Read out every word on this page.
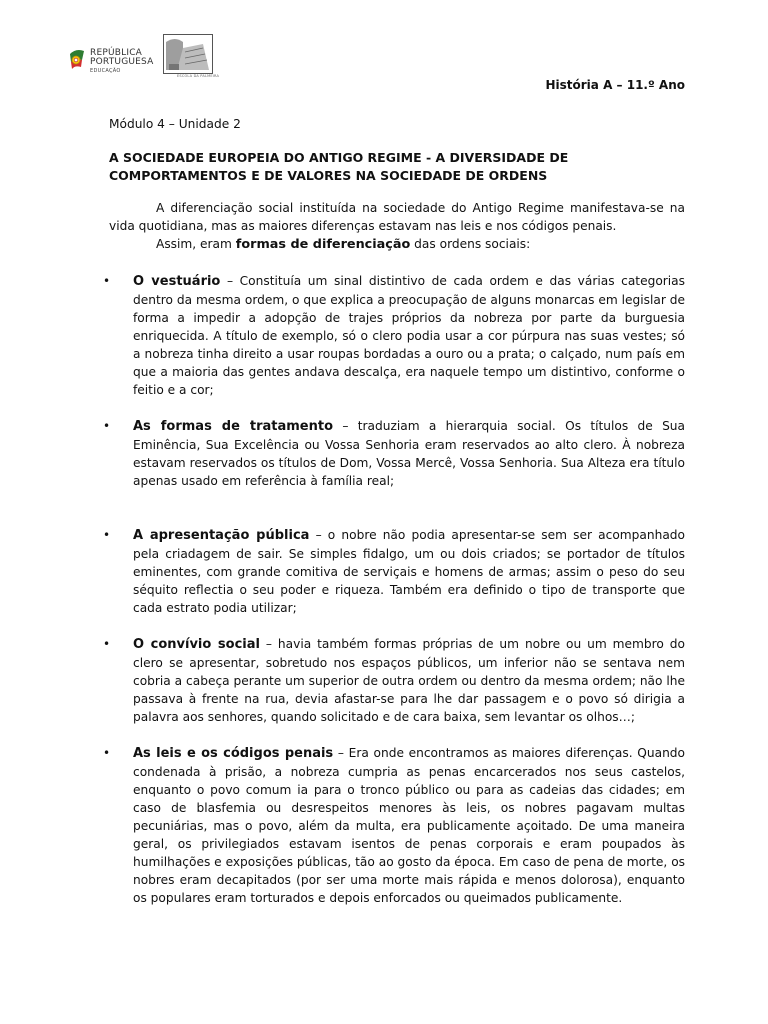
REPÚBLICA
PORTUGUESA
EDUCAÇÃO
ESCOLA DA PALMEIRA
História A – 11.º Ano

Módulo 4 – Unidade 2

A SOCIEDADE EUROPEIA DO ANTIGO REGIME - A DIVERSIDADE DE COMPORTAMENTOS E DE VALORES NA SOCIEDADE DE ORDENS

A diferenciação social instituída na sociedade do Antigo Regime manifestava-se na vida quotidiana, mas as maiores diferenças estavam nas leis e nos códigos penais.

Assim, eram formas de diferenciação das ordens sociais:

•	O vestuário – Constituía um sinal distintivo de cada ordem e das várias categorias dentro da mesma ordem, o que explica a preocupação de alguns monarcas em legislar de forma a impedir a adopção de trajes próprios da nobreza por parte da burguesia enriquecida. A título de exemplo, só o clero podia usar a cor púrpura nas suas vestes; só a nobreza tinha direito a usar roupas bordadas a ouro ou a prata; o calçado, num país em que a maioria das gentes andava descalça, era naquele tempo um distintivo, conforme o feitio e a cor;
•	As formas de tratamento – traduziam a hierarquia social. Os títulos de Sua Eminência, Sua Excelência ou Vossa Senhoria eram reservados ao alto clero. À nobreza estavam reservados os títulos de Dom, Vossa Mercê, Vossa Senhoria. Sua Alteza era título apenas usado em referência à família real;
•	A apresentação pública – o nobre não podia apresentar-se sem ser acompanhado pela criadagem de sair. Se simples fidalgo, um ou dois criados; se portador de títulos eminentes, com grande comitiva de serviçais e homens de armas; assim o peso do seu séquito reflectia o seu poder e riqueza. Também era definido o tipo de transporte que cada estrato podia utilizar;
•	O convívio social – havia também formas próprias de um nobre ou um membro do clero se apresentar, sobretudo nos espaços públicos, um inferior não se sentava nem cobria a cabeça perante um superior de outra ordem ou dentro da mesma ordem; não lhe passava à frente na rua, devia afastar-se para lhe dar passagem e o povo só dirigia a palavra aos senhores, quando solicitado e de cara baixa, sem levantar os olhos…;
•	As leis e os códigos penais – Era onde encontramos as maiores diferenças. Quando condenada à prisão, a nobreza cumpria as penas encarcerados nos seus castelos, enquanto o povo comum ia para o tronco público ou para as cadeias das cidades; em caso de blasfemia ou desrespeitos menores às leis, os nobres pagavam multas pecuniárias, mas o povo, além da multa, era publicamente açoitado. De uma maneira geral, os privilegiados estavam isentos de penas corporais e eram poupados às humilhações e exposições públicas, tão ao gosto da época. Em caso de pena de morte, os nobres eram decapitados (por ser uma morte mais rápida e menos dolorosa), enquanto os populares eram torturados e depois enforcados ou queimados publicamente.
